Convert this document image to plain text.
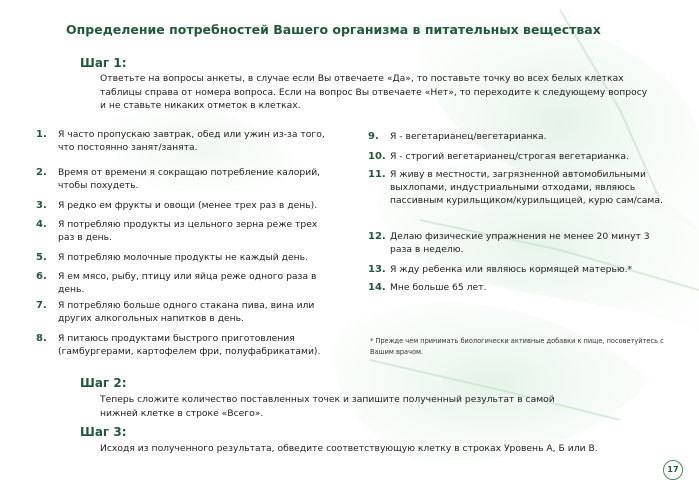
Определение потребностей Вашего организма в питательных веществах
Шаг 1:
Ответьте на вопросы анкеты, в случае если Вы отвечаете «Да», то поставьте точку во всех белых клетках таблицы справа от номера вопроса. Если на вопрос Вы отвечаете «Нет», то переходите к следующему вопросу и не ставьте никаких отметок в клетках.
1.	Я часто пропускаю завтрак, обед или ужин из-за того, что постоянно занят/занята.
2.	Время от времени я сокращаю потребление калорий, чтобы похудеть.
3.	Я редко ем фрукты и овощи (менее трех раз в день).
4.	Я потребляю продукты из цельного зерна реже трех раз в день.
5.	Я потребляю молочные продукты не каждый день.
6.	Я ем мясо, рыбу, птицу или яйца реже одного раза в день.
7.	Я потребляю больше одного стакана пива, вина или других алкогольных напитков в день.
8.	Я питаюсь продуктами быстрого приготовления (гамбургерами, картофелем фри, полуфабрикатами).
9.	Я - вегетарианец/вегетарианка.
10. Я - строгий вегетарианец/строгая вегетарианка.
11. Я живу в местности, загрязненной автомобильными выхлопами, индустриальными отходами, являюсь пассивным курильщиком/курильщицей, курю сам/сама.
12. Делаю физические упражнения не менее 20 минут 3 раза в неделю.
13. Я жду ребенка или являюсь кормящей матерью.*
14. Мне больше 65 лет.
* Прежде чем принимать биологически активные добавки к пище, посоветуйтесь с Вашим врачом.
Шаг 2:
Теперь сложите количество поставленных точек и запишите полученный результат в самой нижней клетке в строке «Всего».
Шаг 3:
Исходя из полученного результата, обведите соответствующую клетку в строках Уровень А, Б или В.
17
